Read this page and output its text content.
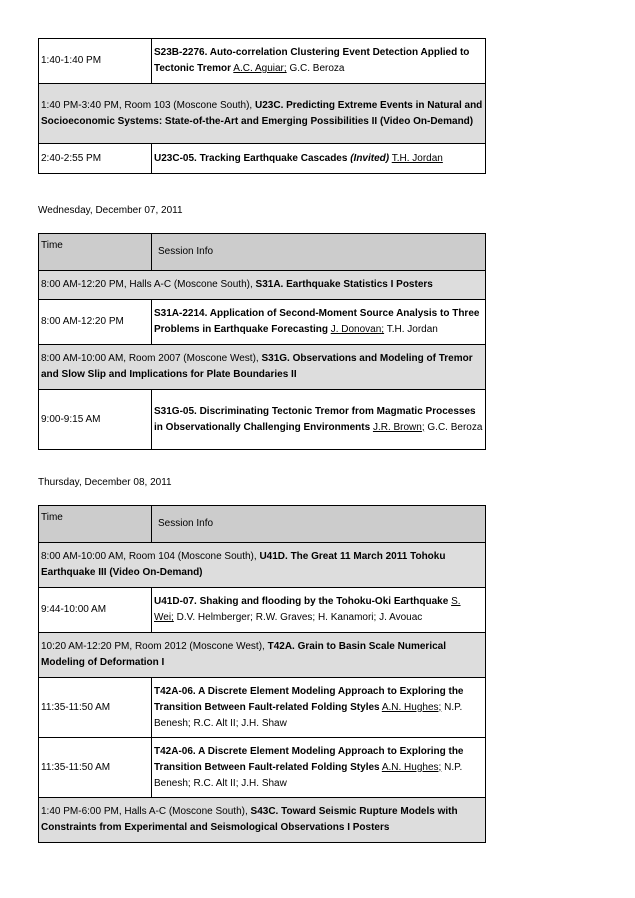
1:40-1:40 PM	S23B-2276. Auto-correlation Clustering Event Detection Applied to Tectonic Tremor A.C. Aguiar; G.C. Beroza
1:40 PM-3:40 PM, Room 103 (Moscone South), U23C. Predicting Extreme Events in Natural and Socioeconomic Systems: State-of-the-Art and Emerging Possibilities II (Video On-Demand)	
2:40-2:55 PM	U23C-05. Tracking Earthquake Cascades (Invited) T.H. Jordan
Wednesday, December 07, 2011
Time	Session Info
8:00 AM-12:20 PM, Halls A-C (Moscone South), S31A. Earthquake Statistics I Posters	
8:00 AM-12:20 PM	S31A-2214. Application of Second-Moment Source Analysis to Three Problems in Earthquake Forecasting J. Donovan; T.H. Jordan
8:00 AM-10:00 AM, Room 2007 (Moscone West), S31G. Observations and Modeling of Tremor and Slow Slip and Implications for Plate Boundaries II	
9:00-9:15 AM	S31G-05. Discriminating Tectonic Tremor from Magmatic Processes in Observationally Challenging Environments J.R. Brown; G.C. Beroza
Thursday, December 08, 2011
Time	Session Info
8:00 AM-10:00 AM, Room 104 (Moscone South), U41D. The Great 11 March 2011 Tohoku Earthquake III (Video On-Demand)	
9:44-10:00 AM	U41D-07. Shaking and flooding by the Tohoku-Oki Earthquake S. Wei; D.V. Helmberger; R.W. Graves; H. Kanamori; J. Avouac
10:20 AM-12:20 PM, Room 2012 (Moscone West), T42A. Grain to Basin Scale Numerical Modeling of Deformation I	
11:35-11:50 AM	T42A-06. A Discrete Element Modeling Approach to Exploring the Transition Between Fault-related Folding Styles A.N. Hughes; N.P. Benesh; R.C. Alt II; J.H. Shaw
11:35-11:50 AM	T42A-06. A Discrete Element Modeling Approach to Exploring the Transition Between Fault-related Folding Styles A.N. Hughes; N.P. Benesh; R.C. Alt II; J.H. Shaw
1:40 PM-6:00 PM, Halls A-C (Moscone South), S43C. Toward Seismic Rupture Models with Constraints from Experimental and Seismological Observations I Posters	
